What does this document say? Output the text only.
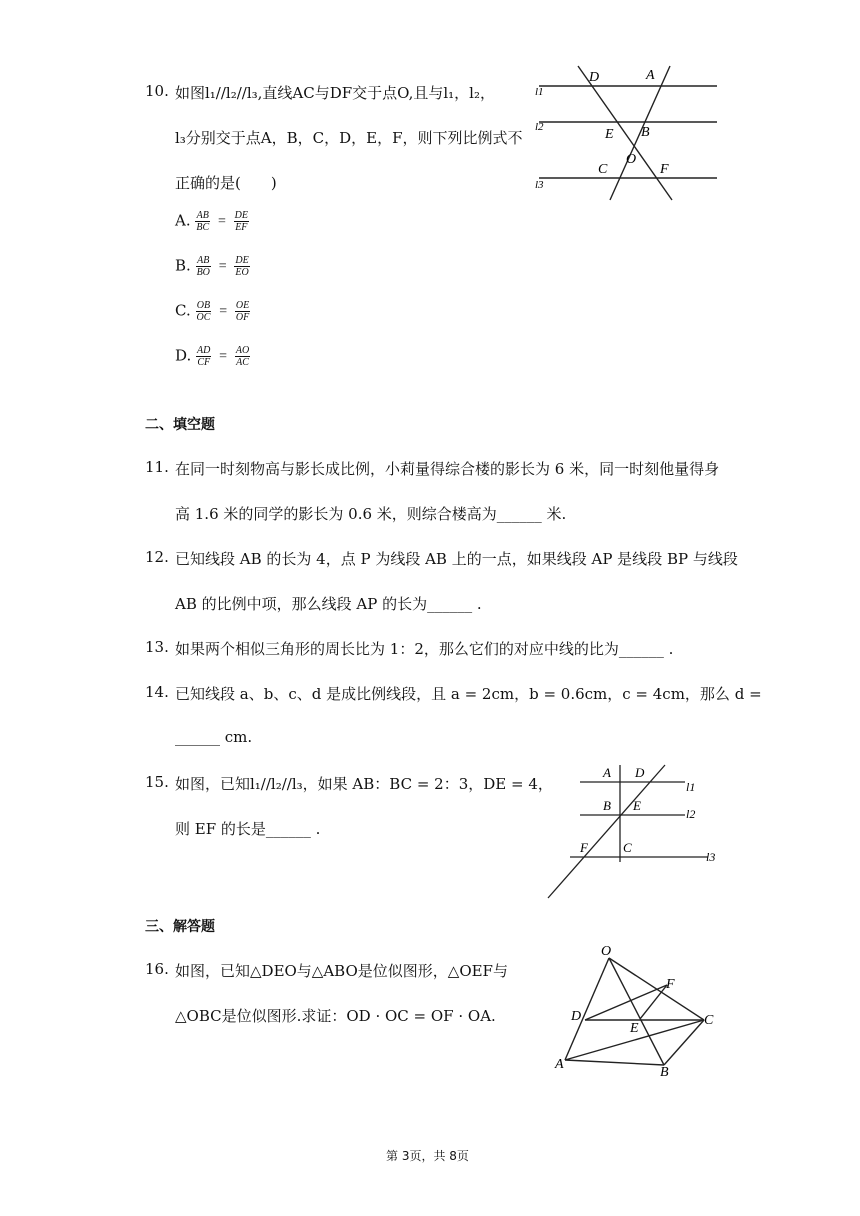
10. 如图l₁//l₂//l₃,直线AC与DF交于点O,且与l₁，l₂，
l₃分别交于点A，B，C，D，E，F，则下列比例式不
正确的是(　　)
A. $\frac{AB}{BC} = \frac{DE}{EF}$
B. $\frac{AB}{BO} = \frac{DE}{EO}$
C. $\frac{OB}{OC} = \frac{OE}{OF}$
D. $\frac{AD}{CF} = \frac{AO}{AC}$
D	A
l1
l2	E B
O
C	F
l3
二、填空题
11. 在同一时刻物高与影长成比例，小莉量得综合楼的影长为 6 米，同一时刻他量得身
高 1.6 米的同学的影长为 0.6 米，则综合楼高为______ 米.
12. 已知线段 AB 的长为 4，点 P 为线段 AB 上的一点，如果线段 AP 是线段 BP 与线段
AB 的比例中项，那么线段 AP 的长为______ .
13. 如果两个相似三角形的周长比为 1：2，那么它们的对应中线的比为______ .
14. 已知线段 a、b、c、d 是成比例线段，且 a = 2cm，b = 0.6cm，c = 4cm，那么 d =
______ cm.
15. 如图，已知l₁//l₂//l₃，如果 AB：BC = 2：3，DE = 4，
则 EF 的长是______ .
A D
l1
B E
l2
F	C
l3
三、解答题
16. 如图，已知△DEO与△ABO是位似图形，△OEF与
△OBC是位似图形.求证：OD · OC = OF · OA.
O
F
D
E
C
A
B
第 3页，共 8页
